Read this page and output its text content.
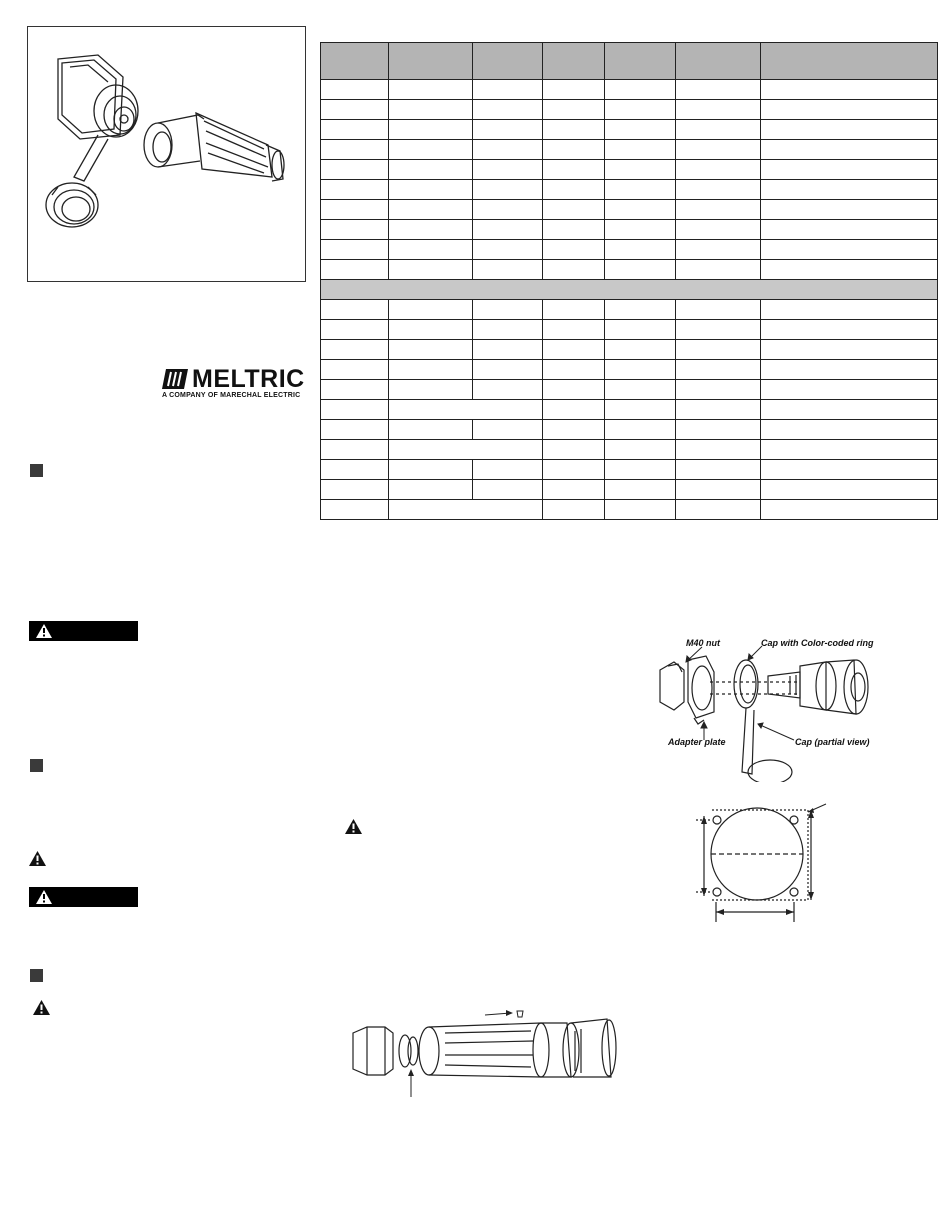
MELTRIC
A COMPANY OF MARECHAL ELECTRIC

M40 nut	Cap with Color-coded ring
Adapter plate	Cap (partial view)
